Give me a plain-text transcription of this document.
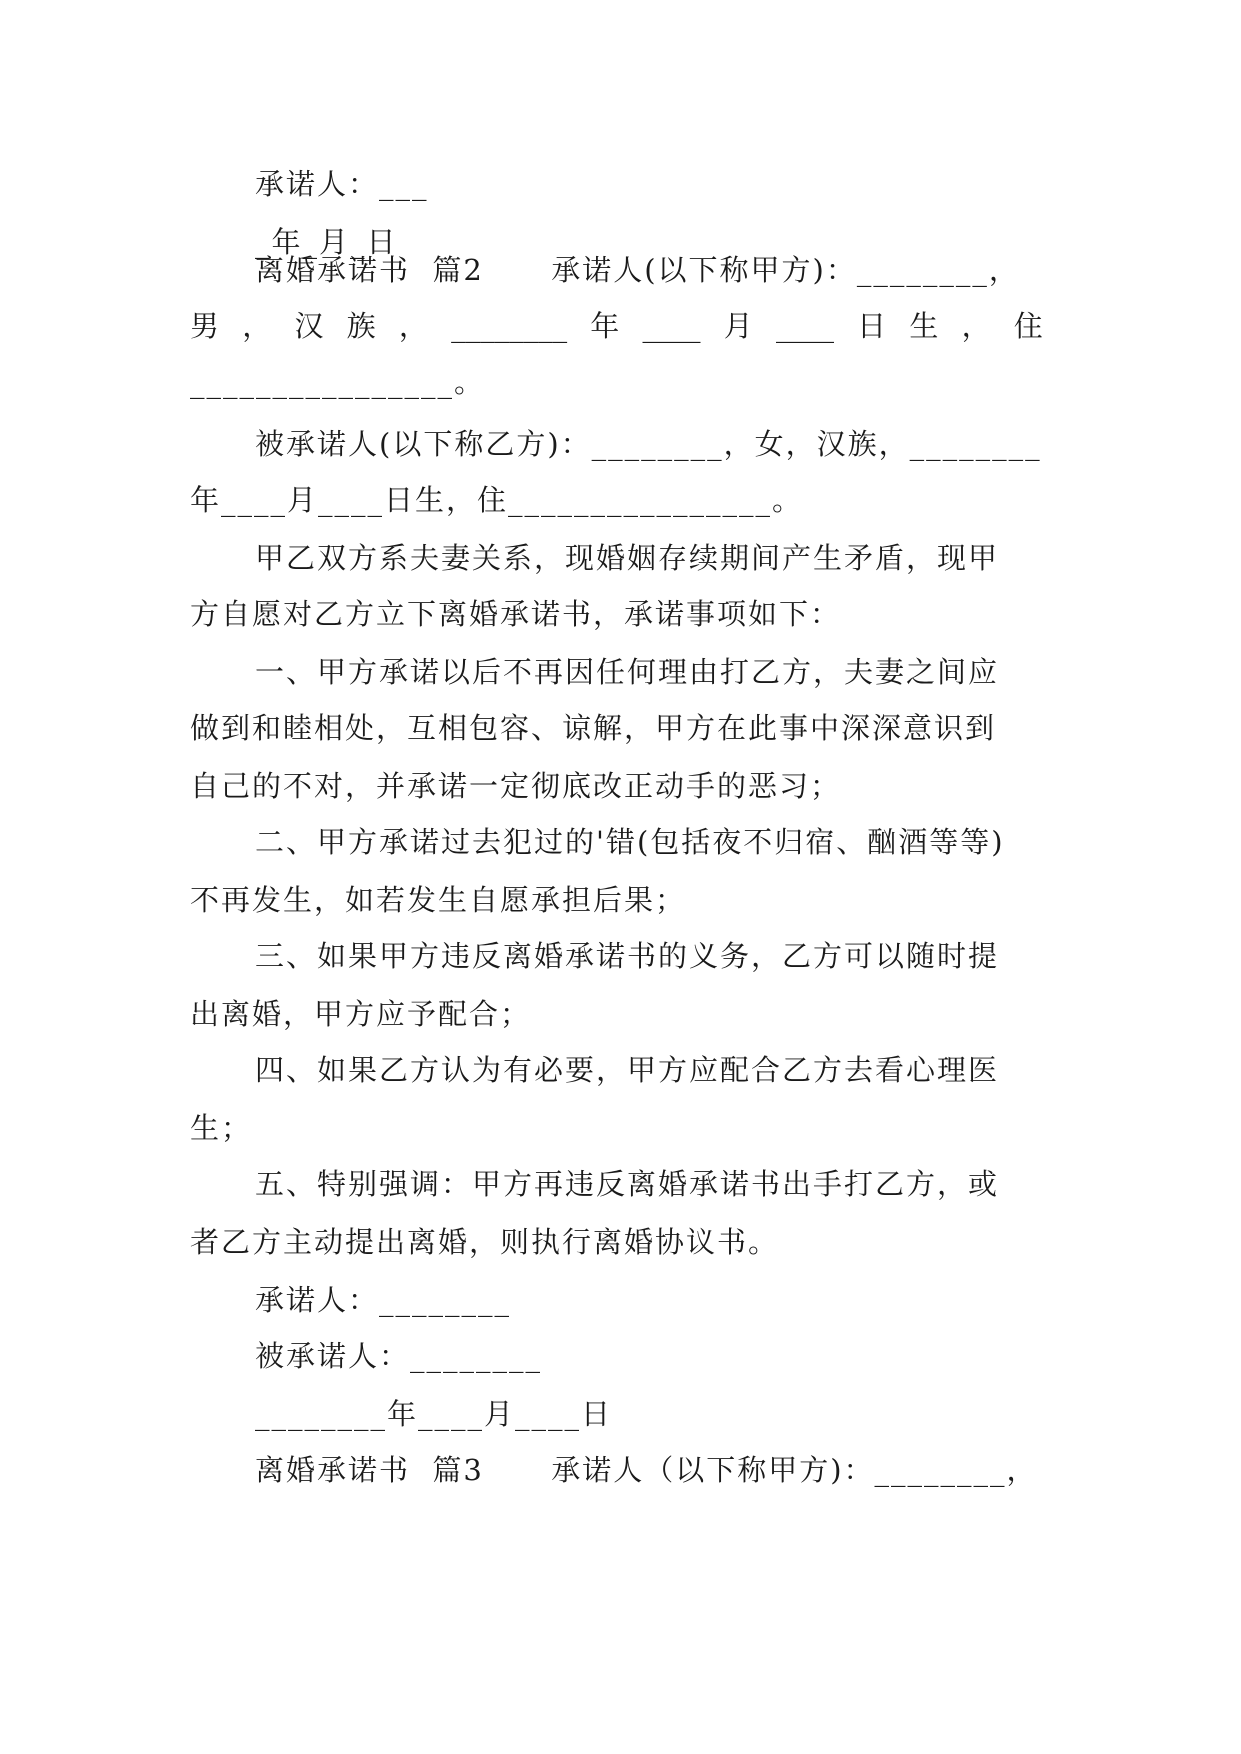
承诺人：___
_年_月_日
离婚承诺书  篇2      承诺人(以下称甲方)：________，
男 ， 汉 族 ， ________ 年 ____ 月 ____ 日 生 ， 住
________________。
被承诺人(以下称乙方)：________，女，汉族，________
年____月____日生，住________________。
甲乙双方系夫妻关系，现婚姻存续期间产生矛盾，现甲
方自愿对乙方立下离婚承诺书，承诺事项如下：
一、甲方承诺以后不再因任何理由打乙方，夫妻之间应
做到和睦相处，互相包容、谅解，甲方在此事中深深意识到
自己的不对，并承诺一定彻底改正动手的恶习；
二、甲方承诺过去犯过的'错(包括夜不归宿、酗酒等等)
不再发生，如若发生自愿承担后果；
三、如果甲方违反离婚承诺书的义务，乙方可以随时提
出离婚，甲方应予配合；
四、如果乙方认为有必要，甲方应配合乙方去看心理医
生；
五、特别强调：甲方再违反离婚承诺书出手打乙方，或
者乙方主动提出离婚，则执行离婚协议书。
承诺人：________
被承诺人：________
________年____月____日
离婚承诺书  篇3      承诺人（以下称甲方)：________，
